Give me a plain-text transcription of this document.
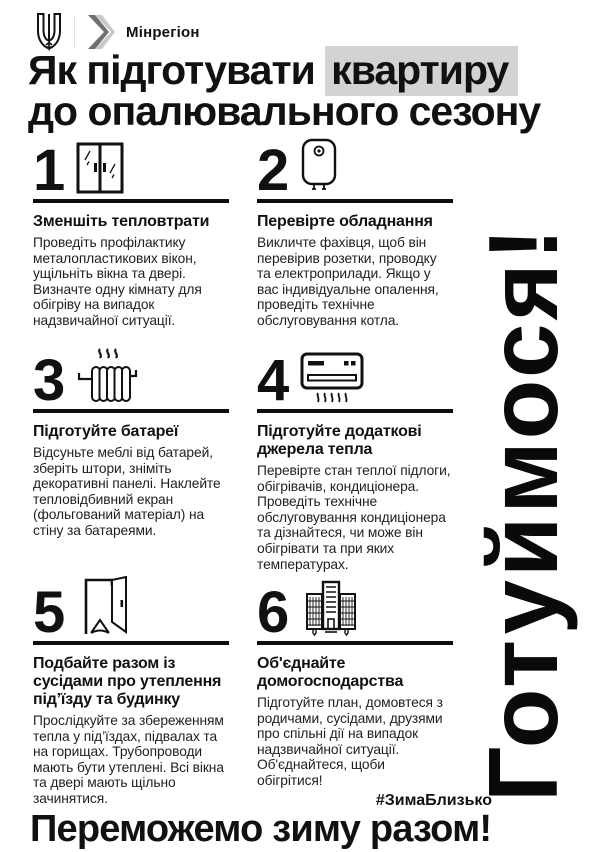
Мінрегіон
Як підготувати квартиру
до опалювального сезону
1
Зменшіть тепловтрати

Проведіть профілактику металопластикових вікон, ущільніть вікна та двері. Визначте одну кімнату для обігріву на випадок надзвичайної ситуації.

2
Перевірте обладнання

Викличте фахівця, щоб він перевірив розетки, проводку та електроприлади. Якщо у вас індивідуальне опалення, проведіть технічне обслуговування котла.

3
Підготуйте батареї

Відсуньте меблі від батарей, зберіть штори, зніміть декоративні панелі. Наклейте тепловідбивний екран (фольгований матеріал) на стіну за батареями.

4
Підготуйте додаткові джерела тепла

Перевірте стан теплої підлоги, обігрівачів, кондиціонера. Проведіть технічне обслуговування кондиціонера та дізнайтеся, чи може він обігрівати та при яких температурах.

5
Подбайте разом із сусідами про утеплення під’їзду та будинку

Прослідкуйте за збереженням тепла у під’їздах, підвалах та на горищах. Трубопроводи мають бути утеплені. Всі вікна та двері мають щільно зачинятися.

6
Об'єднайте домогосподарства

Підготуйте план, домовтеся з родичами, сусідами, друзями про спільні дії на випадок надзвичайної ситуації. Об'єднайтеся, щоби обігрітися!	Готуймося!
#ЗимаБлизько
Переможемо зиму разом!
